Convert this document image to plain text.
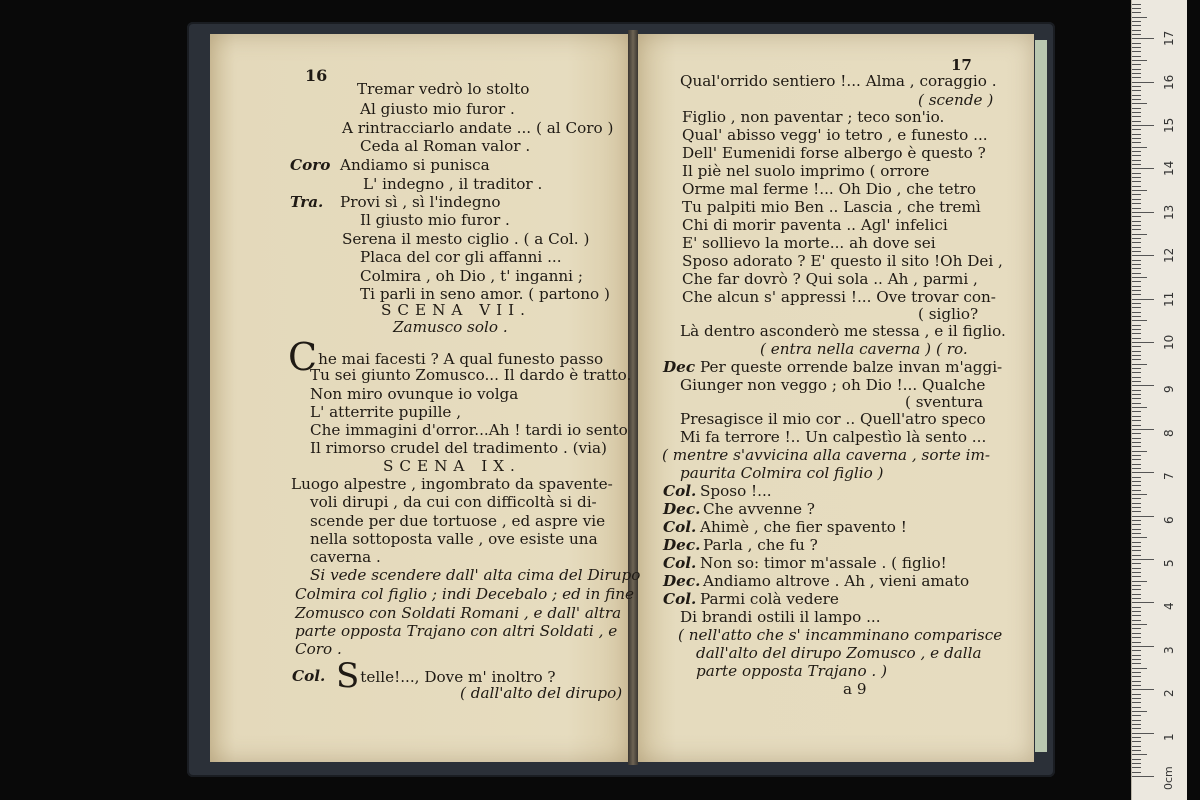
16
Tremar vedrò lo stolto
Al giusto mio furor .
A rintracciarlo andate ... ( al Coro )
Ceda al Roman valor .
Coro Andiamo si punisca
L' indegno , il traditor .
Tra. Provi sì , sì l'indegno
Il giusto mio furor .
Serena il mesto ciglio . ( a Col. )
Placa del cor gli affanni ...
Colmira , oh Dio , t' inganni ;
Ti parli in seno amor. ( partono )
SCENA VII.
Zamusco solo .
Che mai facesti ? A qual funesto passo
Tu sei giunto Zomusco... Il dardo è tratto.
Non miro ovunque io volga
L' atterrite pupille ,
Che immagini d'orror...Ah ! tardi io sento
Il rimorso crudel del tradimento . (via)
SCENA IX.
Luogo alpestre , ingombrato da spavente-
voli dirupi , da cui con difficoltà si di-
scende per due tortuose , ed aspre vie
nella sottoposta valle , ove esiste una
caverna .
Si vede scendere dall' alta cima del Dirupo
Colmira col figlio ; indi Decebalo ; ed in fine
Zomusco con Soldati Romani , e dall' altra
parte opposta Trajano con altri Soldati , e
Coro .
Col. Stelle!..., Dove m' inoltro ?
( dall'alto del dirupo)
17
Qual'orrido sentiero !... Alma , coraggio .
( scende )
Figlio , non paventar ; teco son'io.
Qual' abisso vegg' io tetro , e funesto ...
Dell' Eumenidi forse albergo è questo ?
Il piè nel suolo imprimo ( orrore
Orme mal ferme !... Oh Dio , che tetro
Tu palpiti mio Ben .. Lascia , che tremì
Chi di morir paventa .. Agl' infelici
E' sollievo la morte... ah dove sei
Sposo adorato ? E' questo il sito !Oh Dei ,
Che far dovrò ? Qui sola .. Ah , parmi ,
Che alcun s' appressi !... Ove trovar con-
( siglio?
Là dentro asconderò me stessa , e il figlio.
( entra nella caverna ) ( ro.
Dec Per queste orrende balze invan m'aggi-
Giunger non veggo ; oh Dio !... Qualche
( sventura
Presagisce il mio cor .. Quell'atro speco
Mi fa terrore !.. Un calpestìo là sento ...
( mentre s'avvicina alla caverna , sorte im-
paurita Colmira col figlio )
Col. Sposo !...
Dec. Che avvenne ?
Col. Ahimè , che fier spavento !
Dec. Parla , che fu ?
Col. Non so: timor m'assale . ( figlio!
Dec. Andiamo altrove . Ah , vieni amato
Col. Parmi colà vedere
Di brandi ostili il lampo ...
( nell'atto che s' incamminano comparisce
dall'alto del dirupo Zomusco , e dalla
parte opposta Trajano . )
a 9
0cm
1
2
3
4
5
6
7
8
9
10
11
12
13
14
15
16
17
